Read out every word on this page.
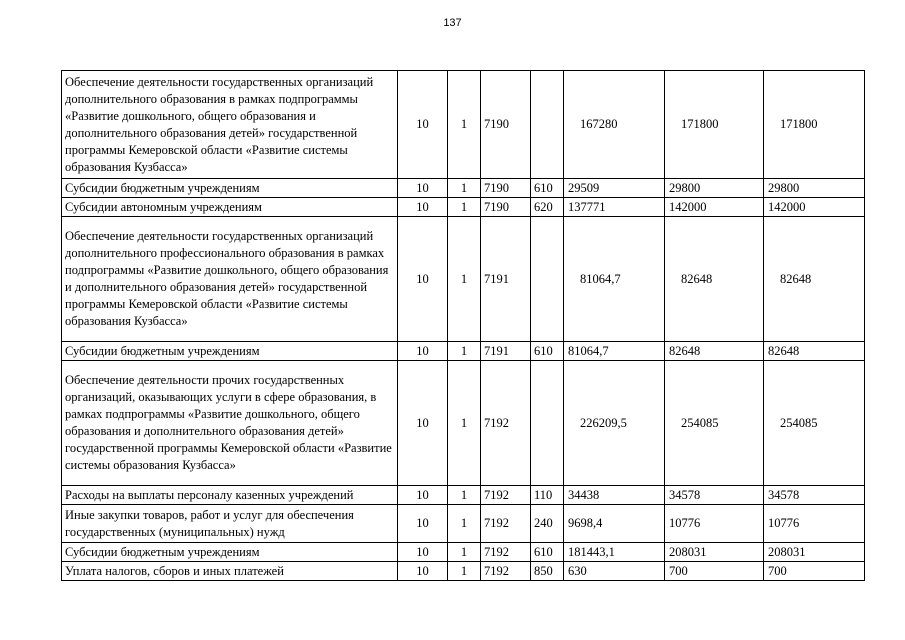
137
Обеспечение деятельности государственных организаций дополнительного образования в рамках подпрограммы «Развитие дошкольного, общего образования и дополнительного образования детей» государственной программы Кемеровской области «Развитие системы образования Кузбасса»	10	1	7190		167280	171800	171800
Субсидии бюджетным учреждениям	10	1	7190	610	29509	29800	29800
Субсидии автономным учреждениям	10	1	7190	620	137771	142000	142000
Обеспечение деятельности государственных организаций дополнительного профессионального образования в рамках подпрограммы «Развитие дошкольного, общего образования и дополнительного образования детей» государственной программы Кемеровской области «Развитие системы образования Кузбасса»	10	1	7191		81064,7	82648	82648
Субсидии бюджетным учреждениям	10	1	7191	610	81064,7	82648	82648
Обеспечение деятельности прочих государственных организаций, оказывающих услуги в сфере образования, в рамках подпрограммы «Развитие дошкольного, общего образования и дополнительного образования детей» государственной программы Кемеровской области «Развитие системы образования Кузбасса»	10	1	7192		226209,5	254085	254085
Расходы на выплаты персоналу казенных учреждений	10	1	7192	110	34438	34578	34578
Иные закупки товаров, работ и услуг для обеспечения государственных (муниципальных) нужд	10	1	7192	240	9698,4	10776	10776
Субсидии бюджетным учреждениям	10	1	7192	610	181443,1	208031	208031
Уплата налогов, сборов и иных платежей	10	1	7192	850	630	700	700
